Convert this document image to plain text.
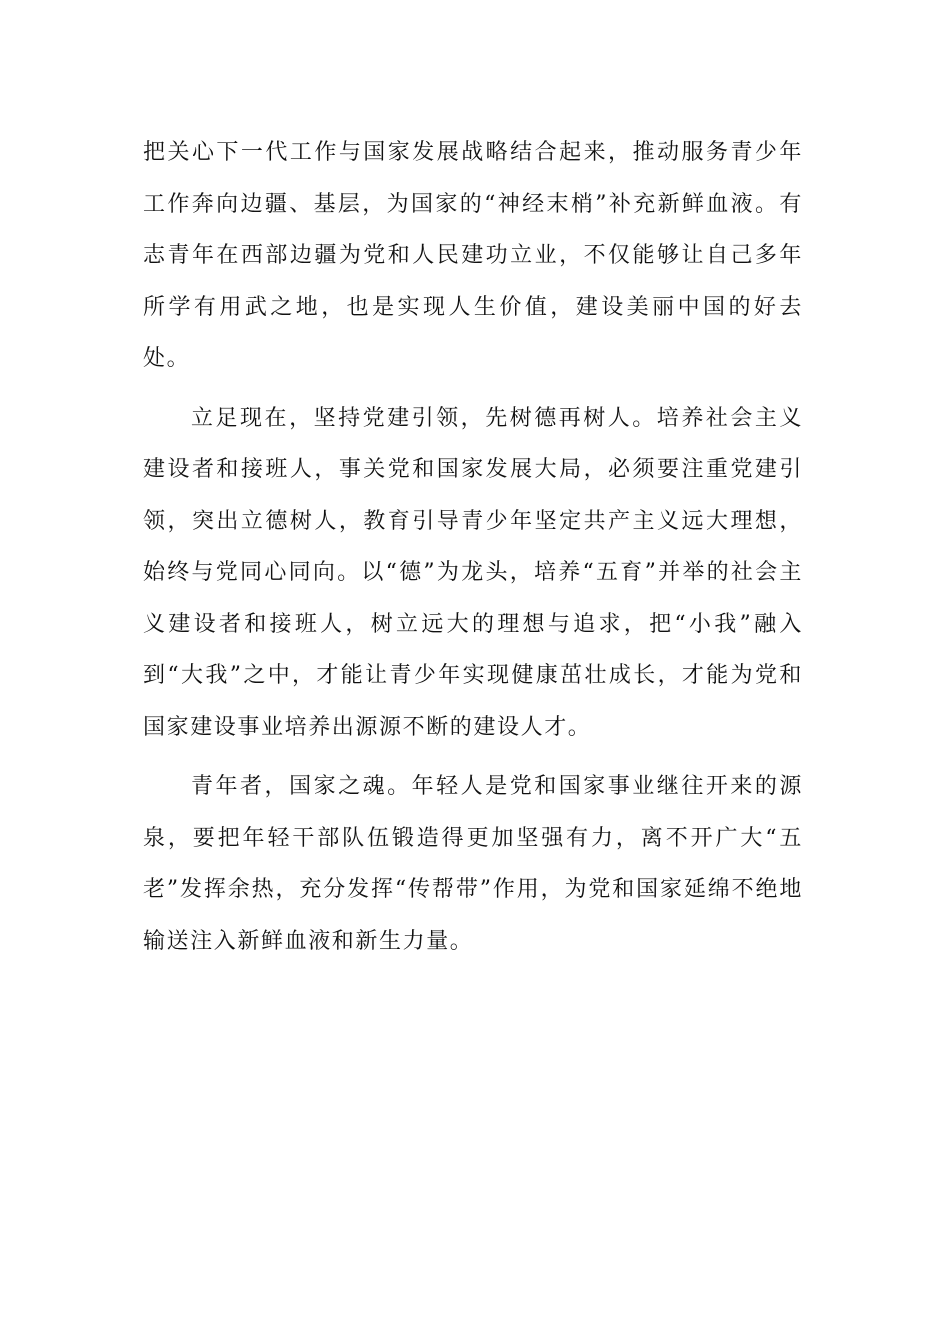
把关心下一代工作与国家发展战略结合起来，推动服务青少年工作奔向边疆、基层，为国家的“神经末梢”补充新鲜血液。有志青年在西部边疆为党和人民建功立业，不仅能够让自己多年所学有用武之地，也是实现人生价值，建设美丽中国的好去处。

立足现在，坚持党建引领，先树德再树人。培养社会主义建设者和接班人，事关党和国家发展大局，必须要注重党建引领，突出立德树人，教育引导青少年坚定共产主义远大理想，始终与党同心同向。以“德”为龙头，培养“五育”并举的社会主义建设者和接班人，树立远大的理想与追求，把“小我”融入到“大我”之中，才能让青少年实现健康茁壮成长，才能为党和国家建设事业培养出源源不断的建设人才。

青年者，国家之魂。年轻人是党和国家事业继往开来的源泉，要把年轻干部队伍锻造得更加坚强有力，离不开广大“五老”发挥余热，充分发挥“传帮带”作用，为党和国家延绵不绝地输送注入新鲜血液和新生力量。
